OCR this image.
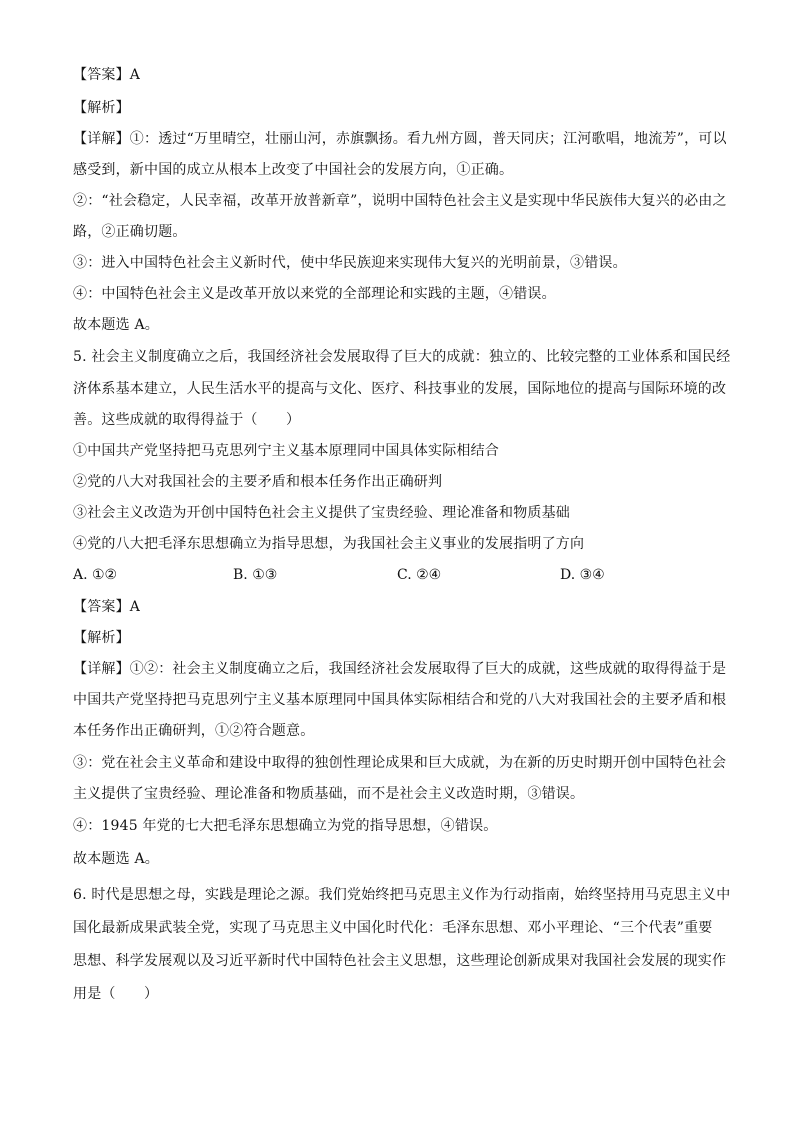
【答案】A
【解析】
【详解】①：透过“万里晴空，壮丽山河，赤旗飘扬。看九州方圆，普天同庆；江河歌唱，地流芳”，可以
感受到，新中国的成立从根本上改变了中国社会的发展方向，①正确。
②：“社会稳定，人民幸福，改革开放普新章”，说明中国特色社会主义是实现中华民族伟大复兴的必由之
路，②正确切题。
③：进入中国特色社会主义新时代，使中华民族迎来实现伟大复兴的光明前景，③错误。
④：中国特色社会主义是改革开放以来党的全部理论和实践的主题，④错误。
故本题选 A。
5. 社会主义制度确立之后，我国经济社会发展取得了巨大的成就：独立的、比较完整的工业体系和国民经
济体系基本建立，人民生活水平的提高与文化、医疗、科技事业的发展，国际地位的提高与国际环境的改
善。这些成就的取得得益于（　　）
①中国共产党坚持把马克思列宁主义基本原理同中国具体实际相结合
②党的八大对我国社会的主要矛盾和根本任务作出正确研判
③社会主义改造为开创中国特色社会主义提供了宝贵经验、理论准备和物质基础
④党的八大把毛泽东思想确立为指导思想，为我国社会主义事业的发展指明了方向
A. ①②	B. ①③	C. ②④	D. ③④
【答案】A
【解析】
【详解】①②：社会主义制度确立之后，我国经济社会发展取得了巨大的成就，这些成就的取得得益于是
中国共产党坚持把马克思列宁主义基本原理同中国具体实际相结合和党的八大对我国社会的主要矛盾和根
本任务作出正确研判，①②符合题意。
③：党在社会主义革命和建设中取得的独创性理论成果和巨大成就，为在新的历史时期开创中国特色社会
主义提供了宝贵经验、理论准备和物质基础，而不是社会主义改造时期，③错误。
④：1945 年党的七大把毛泽东思想确立为党的指导思想，④错误。
故本题选 A。
6. 时代是思想之母，实践是理论之源。我们党始终把马克思主义作为行动指南，始终坚持用马克思主义中
国化最新成果武装全党，实现了马克思主义中国化时代化：毛泽东思想、邓小平理论、“三个代表”重要
思想、科学发展观以及习近平新时代中国特色社会主义思想，这些理论创新成果对我国社会发展的现实作
用是（　　）
